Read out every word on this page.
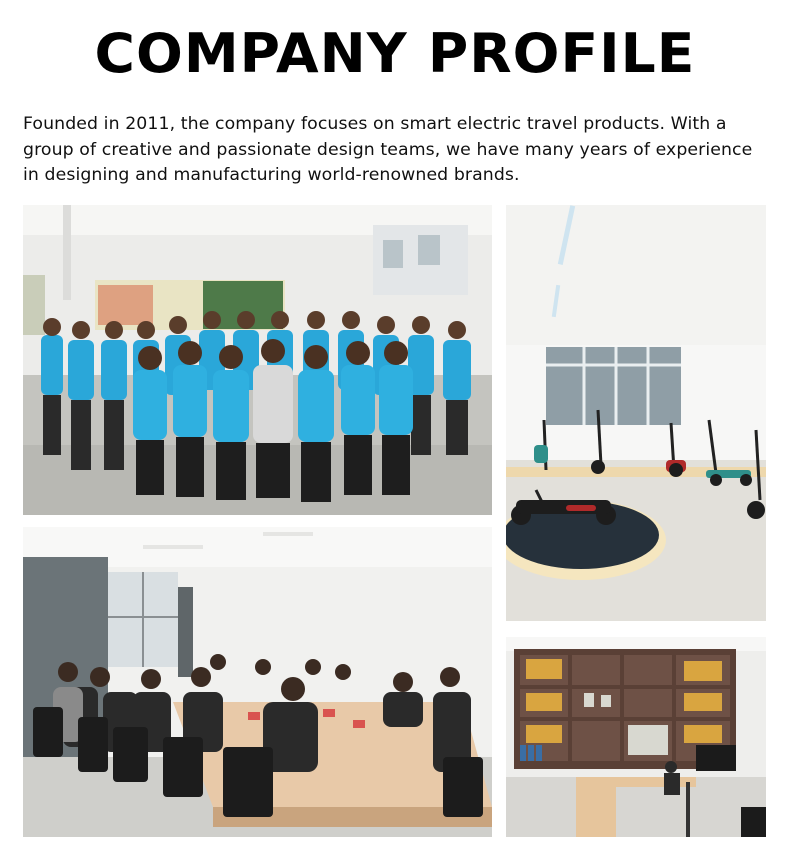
COMPANY PROFILE
Founded in 2011, the company focuses on smart electric travel products. With a group of creative and passionate design teams, we have many years of experience in designing and manufacturing world-renowned brands.
